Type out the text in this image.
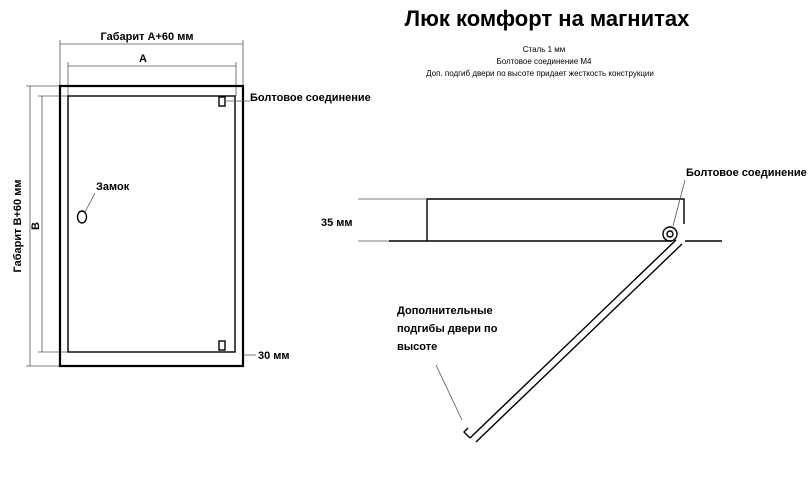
Люк комфорт на магнитах
Сталь 1 мм
Болтовое соединение М4
Доп. подгиб двери по высоте придает жесткость конструкции
Габарит А+60 мм
А
Габарит В+60 мм В
Болтовое соединение
Замок
30 мм
35 мм
Болтовое соединение
Дополнительные
подгибы двери по
высоте
